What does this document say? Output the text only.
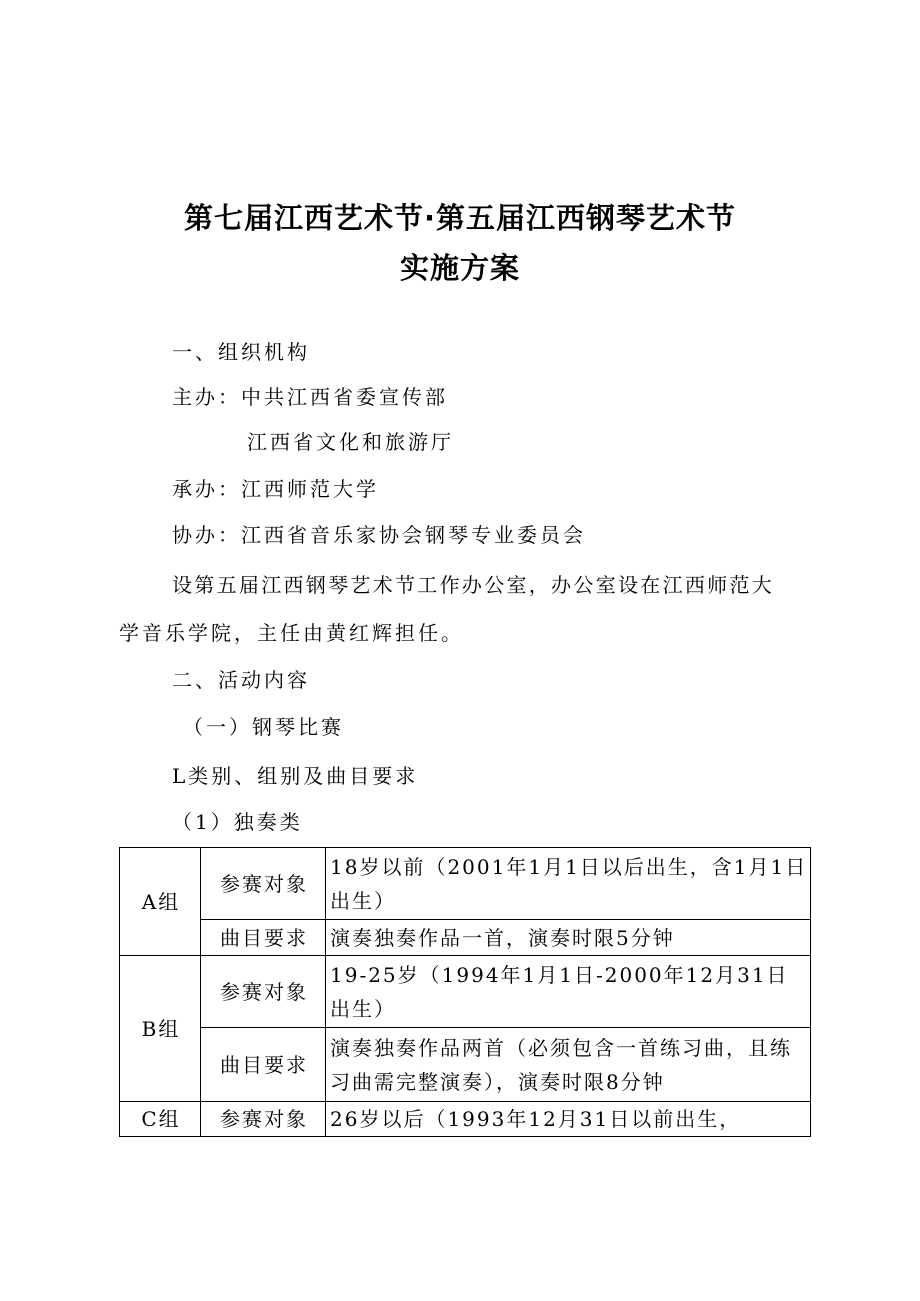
第七届江西艺术节·第五届江西钢琴艺术节
实施方案
一、组织机构
主办：中共江西省委宣传部
江西省文化和旅游厅
承办：江西师范大学
协办：江西省音乐家协会钢琴专业委员会
设第五届江西钢琴艺术节工作办公室，办公室设在江西师范大
学音乐学院，主任由黄红辉担任。
二、活动内容
（一）钢琴比赛
L类别、组别及曲目要求
（1）独奏类
A组	参赛对象	18岁以前（2001年1月1日以后出生，含1月1日出生）
	曲目要求	演奏独奏作品一首，演奏时限5分钟
B组	参赛对象	19-25岁（1994年1月1日-2000年12月31日出生）
	曲目要求	演奏独奏作品两首（必须包含一首练习曲，且练习曲需完整演奏），演奏时限8分钟
C组	参赛对象	26岁以后（1993年12月31日以前出生，
